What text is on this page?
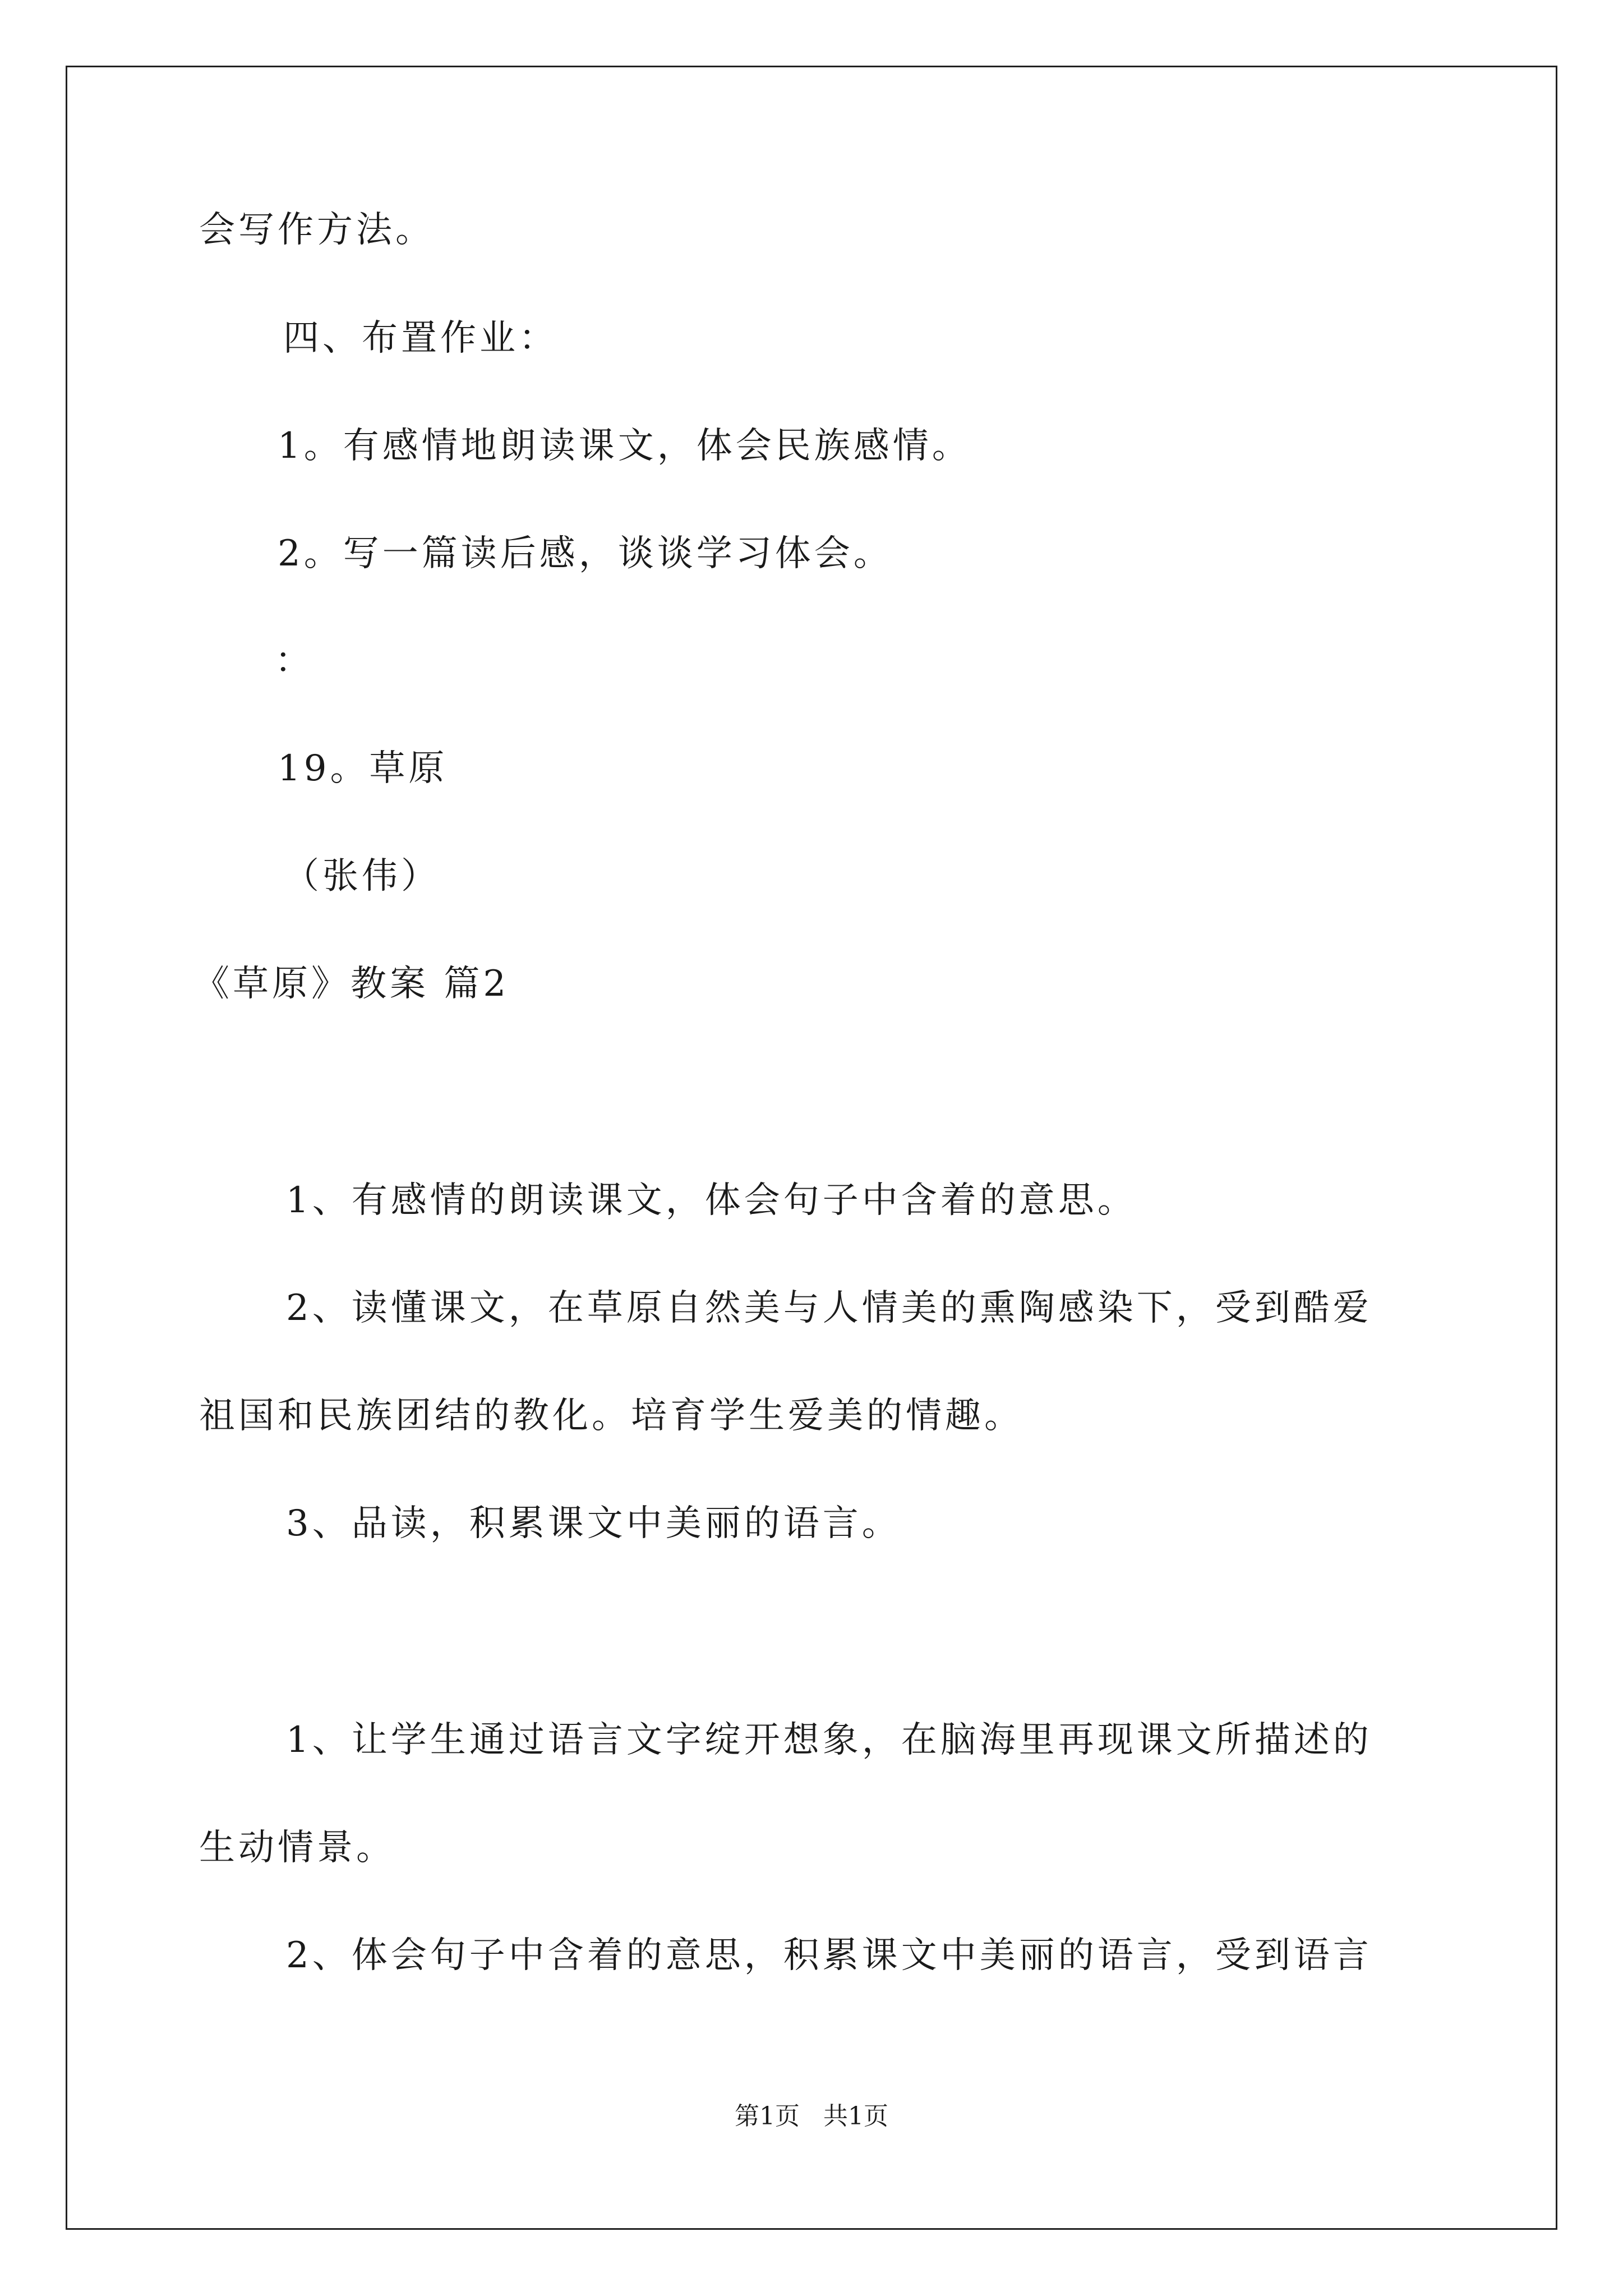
会写作方法。
四、布置作业：
1。有感情地朗读课文，体会民族感情。
2。写一篇读后感，谈谈学习体会。
：
19。草原
（张伟）
《草原》教案 篇2
1、有感情的朗读课文，体会句子中含着的意思。
2、读懂课文，在草原自然美与人情美的熏陶感染下，受到酷爱
祖国和民族团结的教化。培育学生爱美的情趣。
3、品读，积累课文中美丽的语言。
1、让学生通过语言文字绽开想象，在脑海里再现课文所描述的
生动情景。
2、体会句子中含着的意思，积累课文中美丽的语言，受到语言
第1页   共1页
